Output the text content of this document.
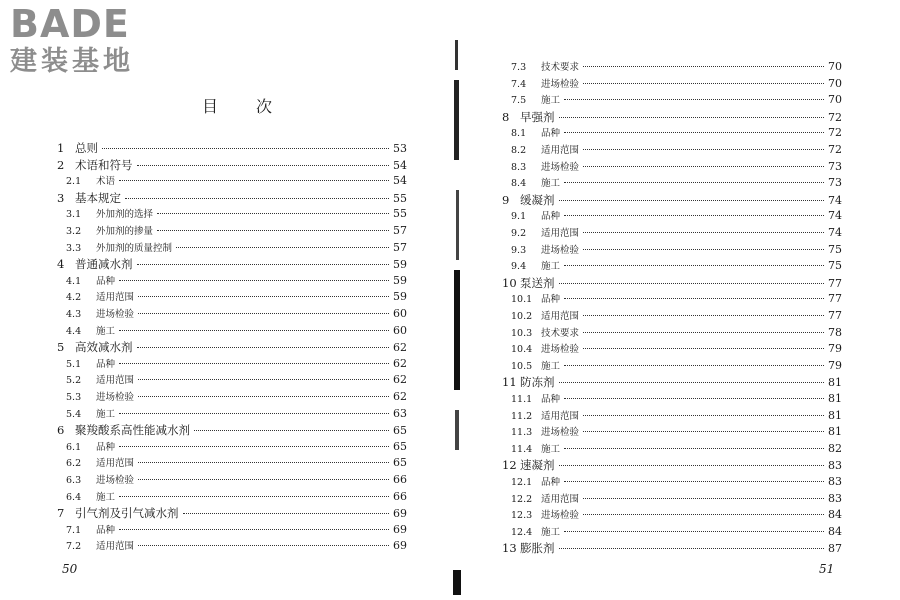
BADE
建装基地
目次
1 总则	53
2 术语和符号	54
2.1	术语	54
3 基本规定	55
3.1	外加剂的选择	55
3.2	外加剂的掺量	57
3.3	外加剂的质量控制	57
4 普通减水剂	59
4.1	品种	59
4.2	适用范围	59
4.3	进场检验	60
4.4	施工	60
5 高效减水剂	62
5.1	品种	62
5.2	适用范围	62
5.3	进场检验	62
5.4	施工	63
6 聚羧酸系高性能减水剂	65
6.1	品种	65
6.2	适用范围	65
6.3	进场检验	66
6.4	施工	66
7 引气剂及引气减水剂	69
7.1	品种	69
7.2	适用范围	69
50
7.3	技术要求	70
7.4	进场检验	70
7.5	施工	70
8 早强剂	72
8.1	品种	72
8.2	适用范围	72
8.3	进场检验	73
8.4	施工	73
9 缓凝剂	74
9.1	品种	74
9.2	适用范围	74
9.3	进场检验	75
9.4	施工	75
10 泵送剂	77
10.1 品种	77
10.2 适用范围	77
10.3 技术要求	78
10.4 进场检验	79
10.5 施工	79
11 防冻剂	81
11.1 品种	81
11.2 适用范围	81
11.3 进场检验	81
11.4 施工	82
12 速凝剂	83
12.1 品种	83
12.2 适用范围	83
12.3 进场检验	84
12.4 施工	84
13 膨胀剂	87
51
